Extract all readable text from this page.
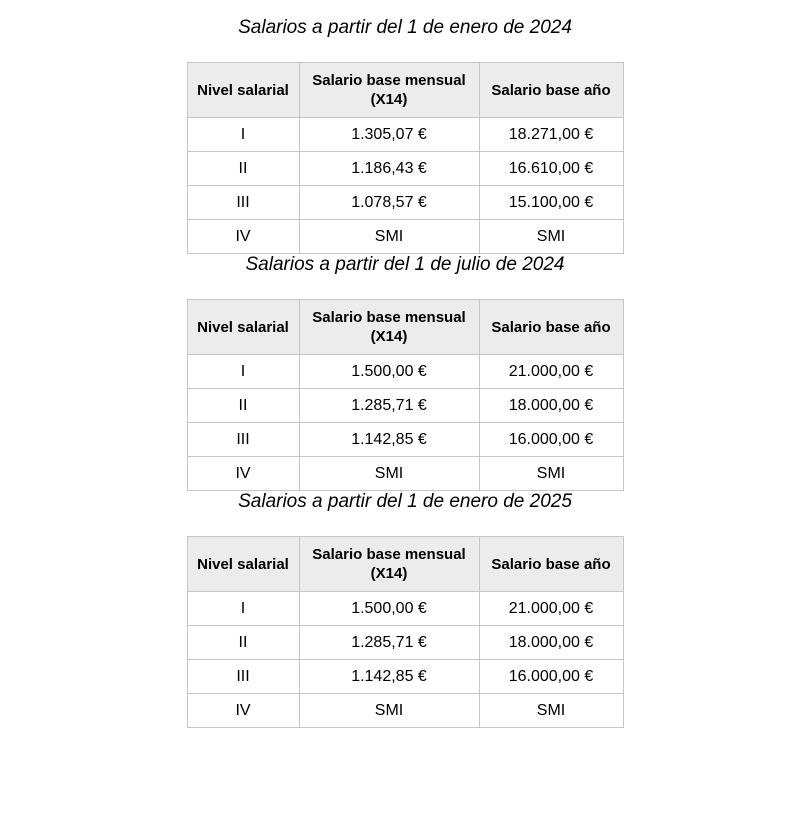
Salarios a partir del 1 de enero de 2024
Nivel salarial	Salario base mensual (X14)	Salario base año
I	1.305,07 €	18.271,00 €
II	1.186,43 €	16.610,00 €
III	1.078,57 €	15.100,00 €
IV	SMI	SMI
Salarios a partir del 1 de julio de 2024
Nivel salarial	Salario base mensual (X14)	Salario base año
I	1.500,00 €	21.000,00 €
II	1.285,71 €	18.000,00 €
III	1.142,85 €	16.000,00 €
IV	SMI	SMI
Salarios a partir del 1 de enero de 2025
Nivel salarial	Salario base mensual (X14)	Salario base año
I	1.500,00 €	21.000,00 €
II	1.285,71 €	18.000,00 €
III	1.142,85 €	16.000,00 €
IV	SMI	SMI
